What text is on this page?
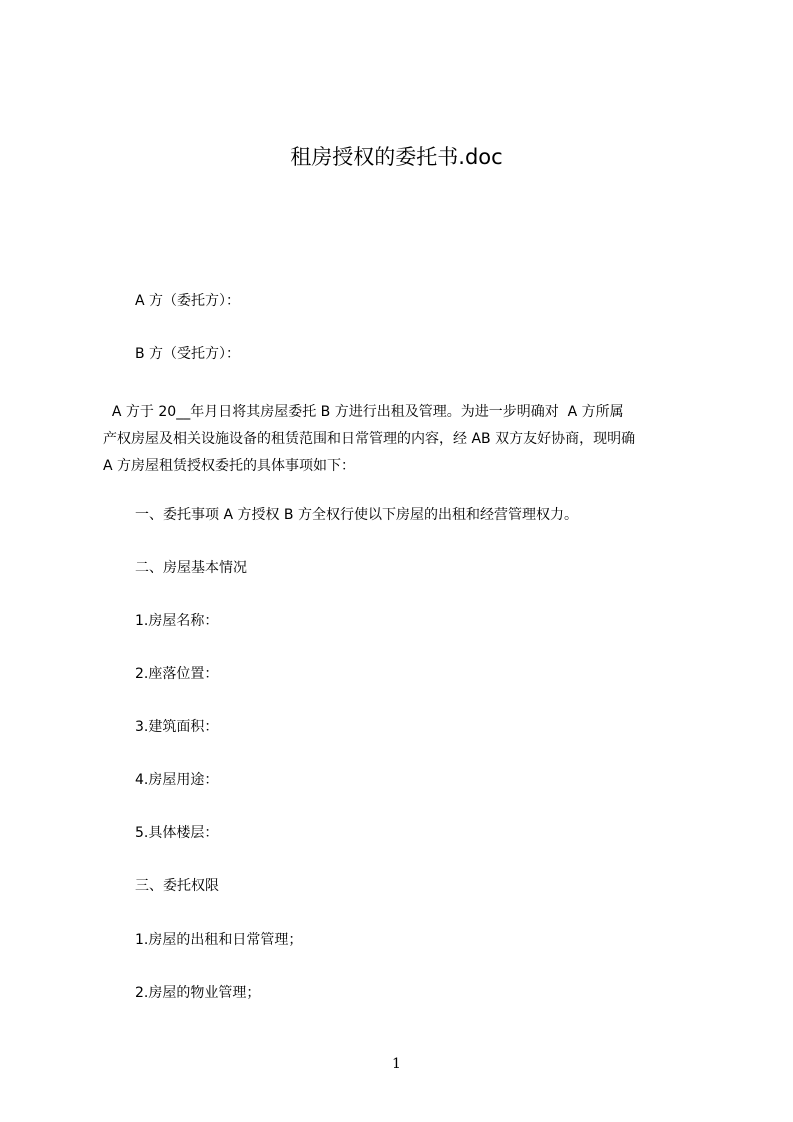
租房授权的委托书.doc
A 方（委托方）：
B 方（受托方）：
A 方于 20__年月日将其房屋委托 B 方进行出租及管理。为进一步明确对  A 方所属
产权房屋及相关设施设备的租赁范围和日常管理的内容，经 AB 双方友好协商，现明确
A 方房屋租赁授权委托的具体事项如下：
一、委托事项 A 方授权 B 方全权行使以下房屋的出租和经营管理权力。
二、房屋基本情况
1.房屋名称：
2.座落位置：
3.建筑面积：
4.房屋用途：
5.具体楼层：
三、委托权限
1.房屋的出租和日常管理；
2.房屋的物业管理；
1
